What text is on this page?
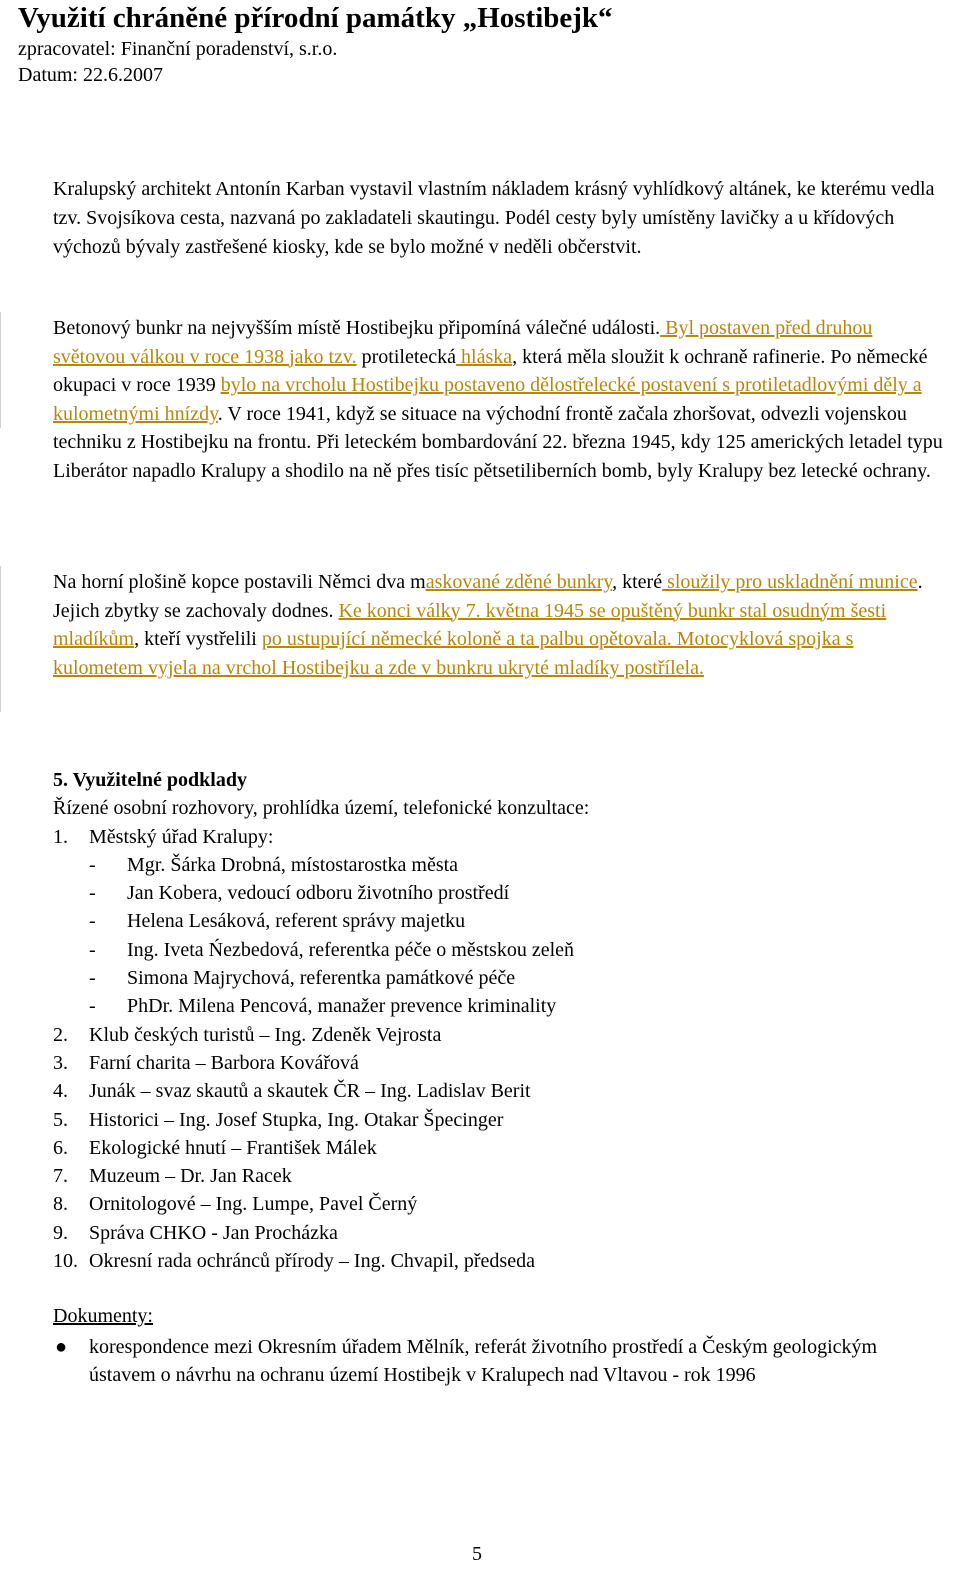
Využití chráněné přírodní památky „Hostibejk“
zpracovatel: Finanční poradenství, s.r.o.
Datum: 22.6.2007
Kralupský architekt Antonín Karban vystavil vlastním nákladem krásný vyhlídkový altánek, ke kterému vedla tzv. Svojsíkova cesta, nazvaná po zakladateli skautingu. Podél cesty byly umístěny lavičky a u křídových výchozů bývaly zastřešené kiosky, kde se bylo možné v neděli občerstvit.
Betonový bunkr na nejvyšším místě Hostibejku připomíná válečné události. Byl postaven před druhou světovou válkou v roce 1938 jako tzv. protiletecká hláska, která měla sloužit k ochraně rafinerie. Po německé okupaci v roce 1939 bylo na vrcholu Hostibejku postaveno dělostřelecké postavení s protiletadlovými děly a kulometnými hnízdy. V roce 1941, když se situace na východní frontě začala zhoršovat, odvezli vojenskou techniku z Hostibejku na frontu. Při leteckém bombardování 22. března 1945, kdy 125 amerických letadel typu Liberátor napadlo Kralupy a shodilo na ně přes tisíc pětsetiliberních bomb, byly Kralupy bez letecké ochrany.
Na horní plošině kopce postavili Němci dva maskované zděné bunkry, které sloužily pro uskladnění munice. Jejich zbytky se zachovaly dodnes. Ke konci války 7. května 1945 se opuštěný bunkr stal osudným šesti mladíkům, kteří vystřelili po ustupující německé koloně a ta palbu opětovala. Motocyklová spojka s kulometem vyjela na vrchol Hostibejku a zde v bunkru ukryté mladíky postřílela.
5. Využitelné podklady
Řízené osobní rozhovory, prohlídka území, telefonické konzultace:
1. Městský úřad Kralupy:
- Mgr. Šárka Drobná, místostarostka města
- Jan Kobera, vedoucí odboru životního prostředí
- Helena Lesáková, referent správy majetku
- Ing. Iveta Ńezbedová, referentka péče o městskou zeleň
- Simona Majrychová, referentka památkové péče
- PhDr. Milena Pencová, manažer prevence kriminality
2. Klub českých turistů – Ing. Zdeněk Vejrosta
3. Farní charita – Barbora Kovářová
4. Junák – svaz skautů a skautek ČR – Ing. Ladislav Berit
5. Historici – Ing. Josef Stupka, Ing. Otakar Špecinger
6. Ekologické hnutí – František Málek
7. Muzeum – Dr. Jan Racek
8. Ornitologové – Ing. Lumpe, Pavel Černý
9. Správa CHKO - Jan Procházka
10. Okresní rada ochránců přírody – Ing. Chvapil, předseda
Dokumenty:
● korespondence mezi Okresním úřadem Mělník, referát životního prostředí a Českým geologickým ústavem o návrhu na ochranu území Hostibejk v Kralupech nad Vltavou - rok 1996
5
